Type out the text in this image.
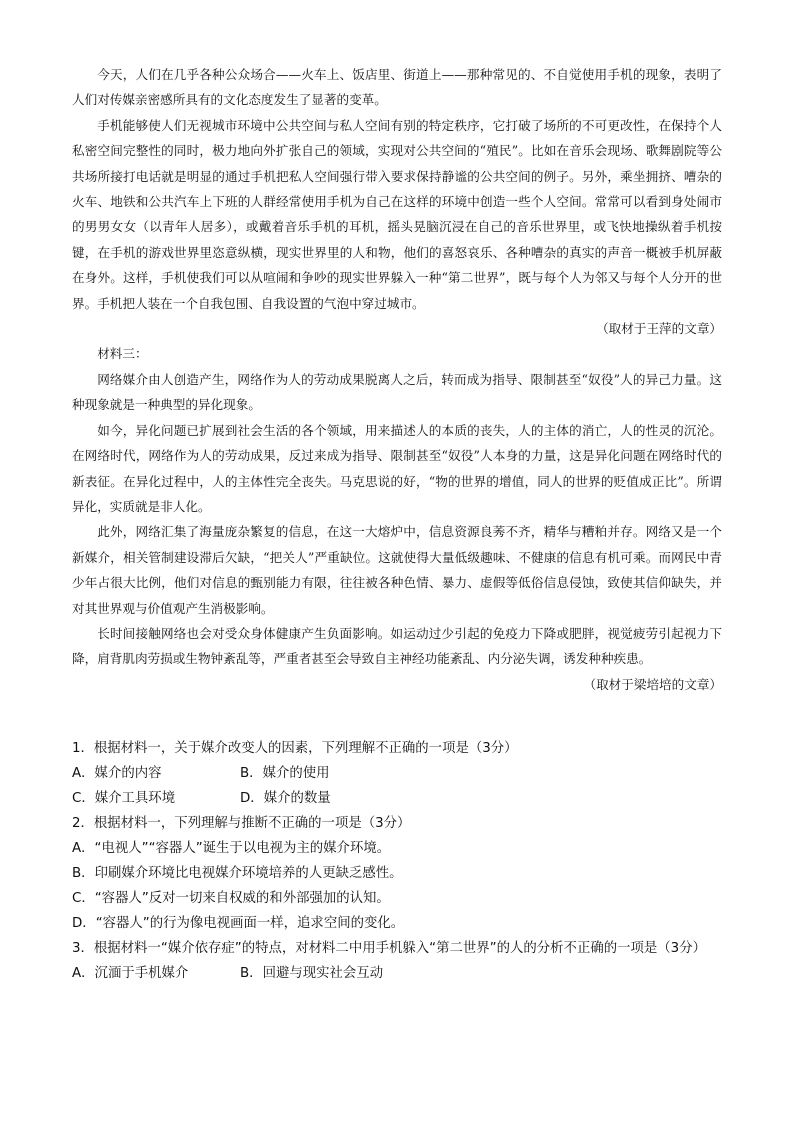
今天，人们在几乎各种公众场合——火车上、饭店里、街道上——那种常见的、不自觉使用手机的现象，表明了人们对传媒亲密感所具有的文化态度发生了显著的变革。

手机能够使人们无视城市环境中公共空间与私人空间有别的特定秩序，它打破了场所的不可更改性，在保持个人私密空间完整性的同时，极力地向外扩张自己的领域，实现对公共空间的“殖民”。比如在音乐会现场、歌舞剧院等公共场所接打电话就是明显的通过手机把私人空间强行带入要求保持静谧的公共空间的例子。另外，乘坐拥挤、嘈杂的火车、地铁和公共汽车上下班的人群经常使用手机为自己在这样的环境中创造一些个人空间。常常可以看到身处闹市的男男女女（以青年人居多），或戴着音乐手机的耳机，摇头晃脑沉浸在自己的音乐世界里，或飞快地操纵着手机按键，在手机的游戏世界里恣意纵横，现实世界里的人和物，他们的喜怒哀乐、各种嘈杂的真实的声音一概被手机屏蔽在身外。这样，手机使我们可以从喧闹和争吵的现实世界躲入一种“第二世界”，既与每个人为邻又与每个人分开的世界。手机把人装在一个自我包围、自我设置的气泡中穿过城市。

（取材于王萍的文章）

材料三：

网络媒介由人创造产生，网络作为人的劳动成果脱离人之后，转而成为指导、限制甚至“奴役”人的异己力量。这种现象就是一种典型的异化现象。

如今，异化问题已扩展到社会生活的各个领域，用来描述人的本质的丧失，人的主体的消亡，人的性灵的沉沦。在网络时代，网络作为人的劳动成果，反过来成为指导、限制甚至“奴役”人本身的力量，这是异化问题在网络时代的新表征。在异化过程中，人的主体性完全丧失。马克思说的好，“物的世界的增值，同人的世界的贬值成正比”。所谓异化，实质就是非人化。

此外，网络汇集了海量庞杂繁复的信息，在这一大熔炉中，信息资源良莠不齐，精华与糟粕并存。网络又是一个新媒介，相关管制建设滞后欠缺，“把关人”严重缺位。这就使得大量低级趣味、不健康的信息有机可乘。而网民中青少年占很大比例，他们对信息的甄别能力有限，往往被各种色情、暴力、虚假等低俗信息侵蚀，致使其信仰缺失，并对其世界观与价值观产生消极影响。

长时间接触网络也会对受众身体健康产生负面影响。如运动过少引起的免疫力下降或肥胖，视觉疲劳引起视力下降，肩背肌肉劳损或生物钟紊乱等，严重者甚至会导致自主神经功能紊乱、内分泌失调，诱发种种疾患。

（取材于梁培培的文章）

1．根据材料一，关于媒介改变人的因素，下列理解不正确的一项是（3分）

A．媒介的内容	B．媒介的使用
C．媒介工具环境	D．媒介的数量

2．根据材料一，下列理解与推断不正确的一项是（3分）

A．“电视人”“容器人”诞生于以电视为主的媒介环境。

B．印刷媒介环境比电视媒介环境培养的人更缺乏感性。

C．“容器人”反对一切来自权威的和外部强加的认知。

D．“容器人”的行为像电视画面一样，追求空间的变化。

3．根据材料一“媒介依存症”的特点，对材料二中用手机躲入“第二世界”的人的分析不正确的一项是（3分）

A．沉湎于手机媒介	B．回避与现实社会互动
